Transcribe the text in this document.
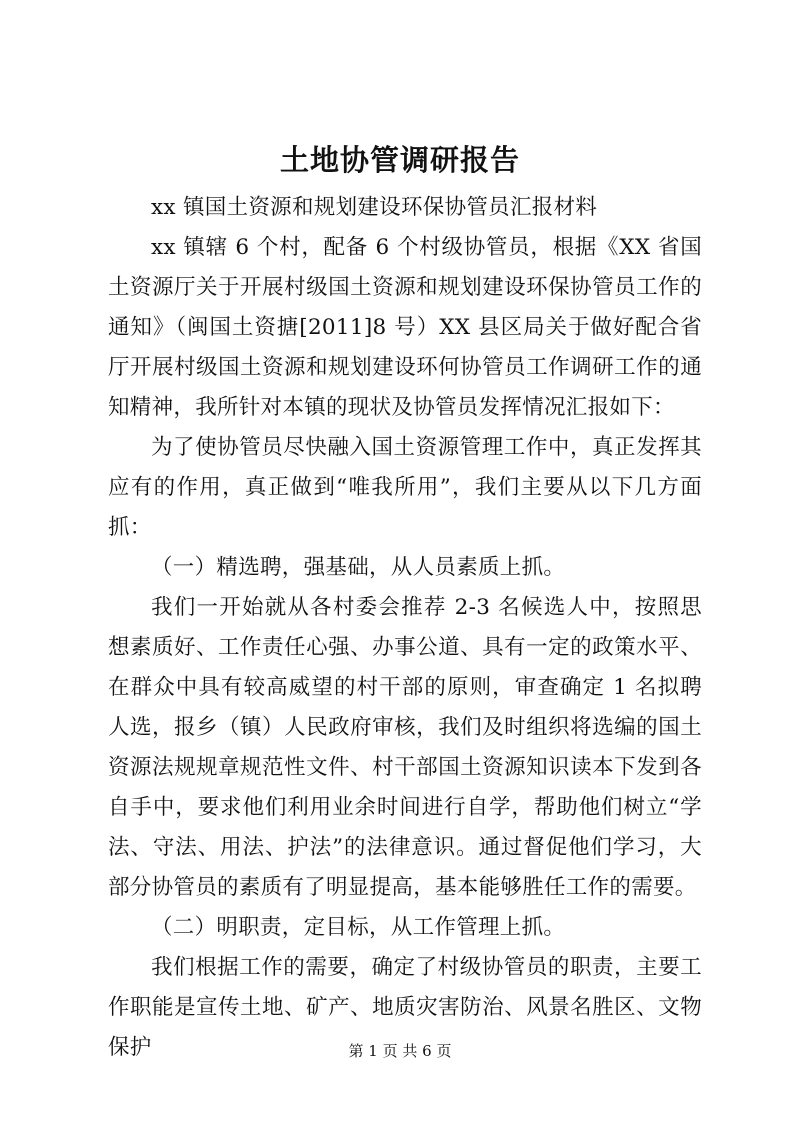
土地协管调研报告

xx 镇国土资源和规划建设环保协管员汇报材料

xx 镇辖 6 个村，配备 6 个村级协管员，根据《XX 省国土资源厅关于开展村级国土资源和规划建设环保协管员工作的通知》（闽国土资搪[2011]8 号）XX 县区局关于做好配合省厅开展村级国土资源和规划建设环何协管员工作调研工作的通知精神，我所针对本镇的现状及协管员发挥情况汇报如下：

为了使协管员尽快融入国土资源管理工作中，真正发挥其应有的作用，真正做到“唯我所用”，我们主要从以下几方面抓：

（一）精选聘，强基础，从人员素质上抓。

我们一开始就从各村委会推荐 2-3 名候选人中，按照思想素质好、工作责任心强、办事公道、具有一定的政策水平、在群众中具有较高威望的村干部的原则，审查确定 1 名拟聘人选，报乡（镇）人民政府审核，我们及时组织将选编的国土资源法规规章规范性文件、村干部国土资源知识读本下发到各自手中，要求他们利用业余时间进行自学，帮助他们树立“学法、守法、用法、护法”的法律意识。通过督促他们学习，大部分协管员的素质有了明显提高，基本能够胜任工作的需要。

（二）明职责，定目标，从工作管理上抓。

我们根据工作的需要，确定了村级协管员的职责，主要工作职能是宣传土地、矿产、地质灾害防治、风景名胜区、文物保护	第 1 页 共 6 页
